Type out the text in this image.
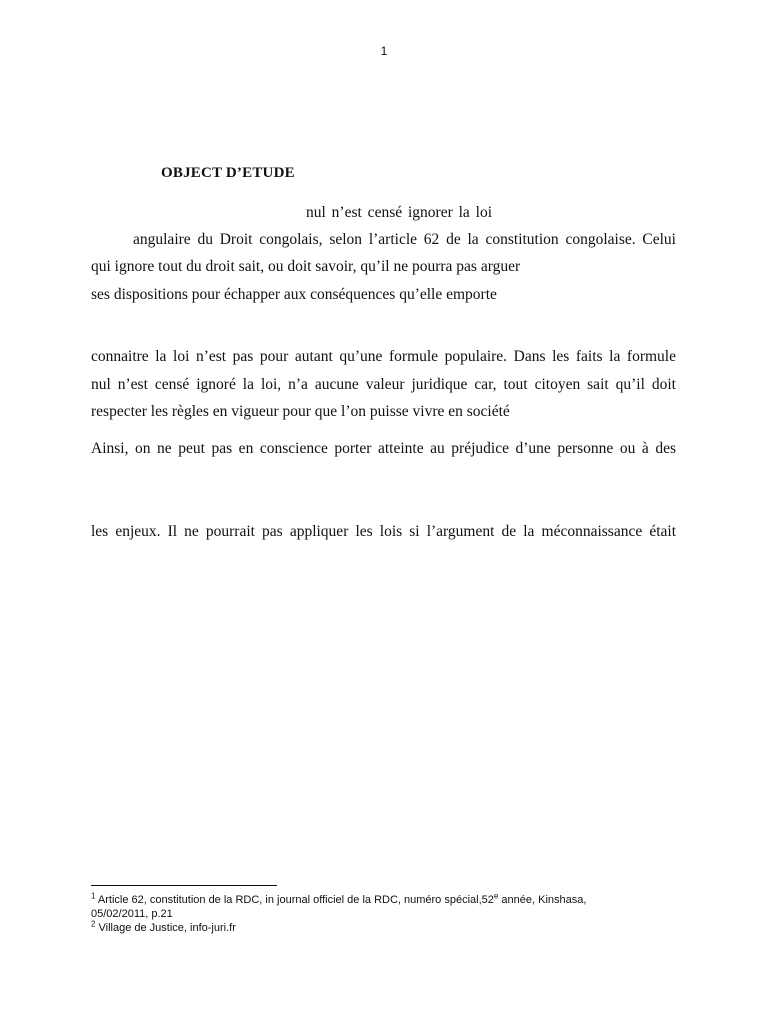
1
OBJECT D’ETUDE
nul n’est censé ignorer la loi
angulaire du Droit congolais, selon l’article 62 de la constitution congolaise. Celui
qui ignore tout du droit sait, ou doit savoir, qu’il ne pourra pas arguer
ses dispositions pour échapper aux conséquences qu’elle emporte
connaitre la loi n’est pas pour autant qu’une formule populaire. Dans les faits la formule
nul n’est censé ignoré la loi, n’a aucune valeur juridique car, tout citoyen sait qu’il doit
respecter les règles en vigueur pour que l’on puisse vivre en société
Ainsi, on ne peut pas en conscience porter atteinte au préjudice d’une personne ou à des
les enjeux. Il ne pourrait pas appliquer les lois si l’argument de la méconnaissance était
$^1$ Article 62, constitution de la RDC, in journal officiel de la RDC, numéro spécial,52e année, Kinshasa, 05/02/2011, p.21
$^2$ Village de Justice, info-juri.fr
